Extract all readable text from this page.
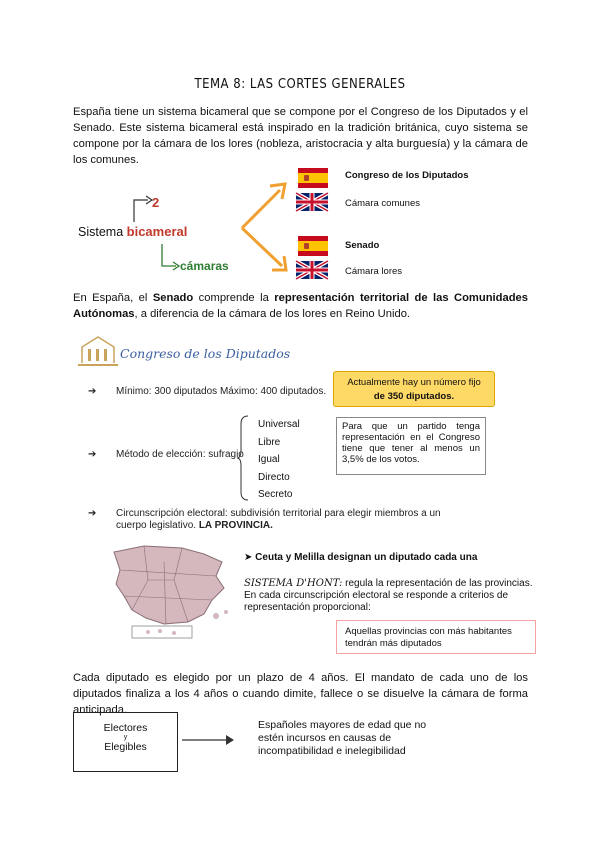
TEMA 8: LAS CORTES GENERALES
España tiene un sistema bicameral que se compone por el Congreso de los Diputados y el Senado. Este sistema bicameral está inspirado en la tradición británica, cuyo sistema se compone por la cámara de los lores (nobleza, aristocracia y alta burguesía) y la cámara de los comunes.
Sistema bicameral
2
cámaras
Congreso de los Diputados
Cámara comunes
Senado
Cámara lores
En España, el Senado comprende la representación territorial de las Comunidades Autónomas, a diferencia de la cámara de los lores en Reino Unido.
Congreso de los Diputados
➔ Mínimo: 300 diputados Máximo: 400 diputados.
Actualmente hay un número fijo
de 350 diputados.
➔ Método de elección: sufragio
Universal
Libre
Igual
Directo
Secreto
Para que un partido tenga representación en el Congreso tiene que tener al menos un 3,5% de los votos.
➔ Circunscripción electoral: subdivisión territorial para elegir miembros a un
cuerpo legislativo. LA PROVINCIA.
➤ Ceuta y Melilla designan un diputado cada una
SISTEMA D'HONT: regula la representación de las provincias.
En cada circunscripción electoral se responde a criterios de
representación proporcional:
Aquellas provincias con más habitantes
tendrán más diputados
Cada diputado es elegido por un plazo de 4 años. El mandato de cada uno de los diputados finaliza a los 4 años o cuando dimite, fallece o se disuelve la cámara de forma anticipada.
Electores
y
Elegibles
Españoles mayores de edad que no
estén incursos en causas de
incompatibilidad e inelegibilidad
